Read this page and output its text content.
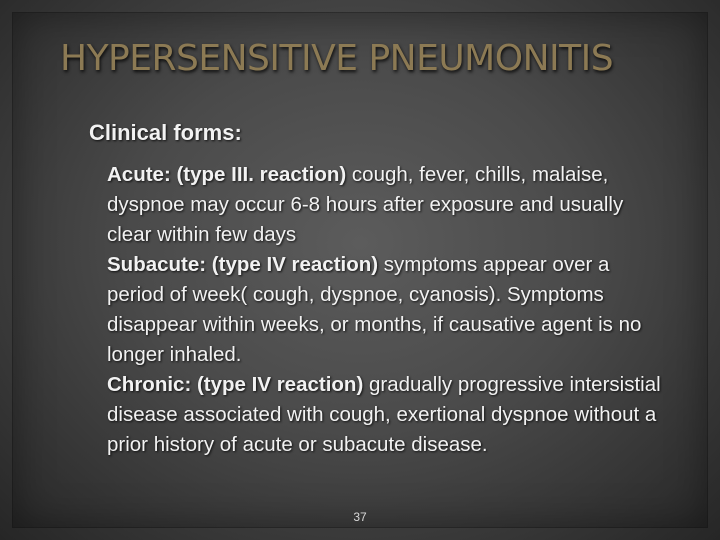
HYPERSENSITIVE PNEUMONITIS
Clinical forms:
Acute: (type III. reaction) cough, fever, chills, malaise, dyspnoe may occur 6-8 hours after exposure and usually clear within few days
Subacute: (type IV reaction) symptoms appear over a period of week( cough, dyspnoe, cyanosis). Symptoms disappear within weeks, or months, if causative agent is no longer inhaled.
Chronic: (type IV reaction) gradually progressive intersistial disease associated with cough, exertional dyspnoe without a prior history of acute or subacute disease.
37
